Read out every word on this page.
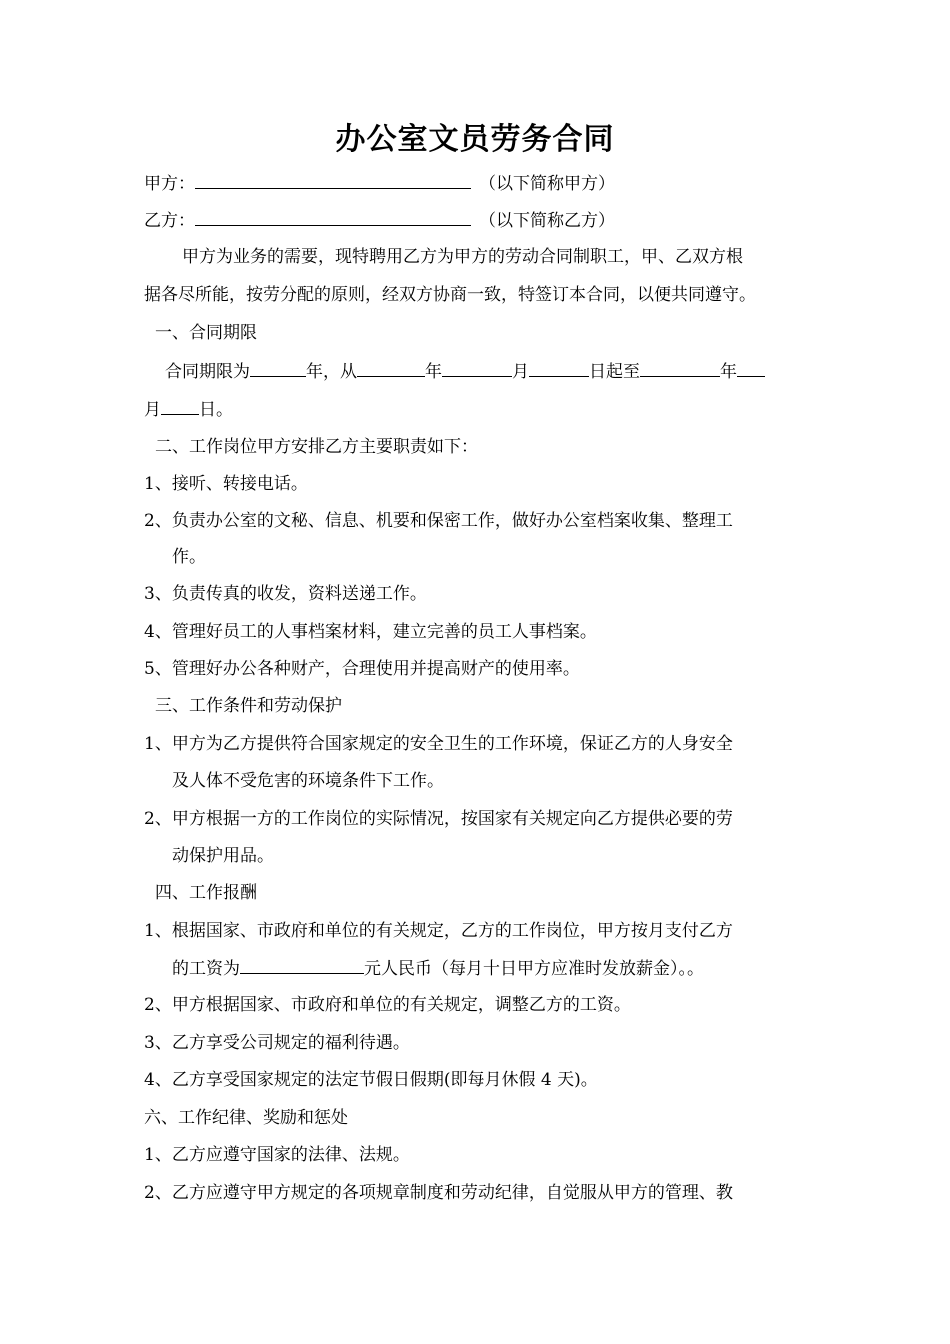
办公室文员劳务合同
甲方：	（以下简称甲方）
乙方：	（以下简称乙方）
甲方为业务的需要，现特聘用乙方为甲方的劳动合同制职工，甲、乙双方根
据各尽所能，按劳分配的原则，经双方协商一致，特签订本合同，以便共同遵守。
一、合同期限
合同期限为	年，从	年	月	日起至	年
月 日。
二、工作岗位甲方安排乙方主要职责如下：
1、接听、转接电话。
2、负责办公室的文秘、信息、机要和保密工作，做好办公室档案收集、整理工
作。
3、负责传真的收发，资料送递工作。
4、管理好员工的人事档案材料，建立完善的员工人事档案。
5、管理好办公各种财产，合理使用并提高财产的使用率。
三、工作条件和劳动保护
1、甲方为乙方提供符合国家规定的安全卫生的工作环境，保证乙方的人身安全
及人体不受危害的环境条件下工作。
2、甲方根据一方的工作岗位的实际情况，按国家有关规定向乙方提供必要的劳
动保护用品。
四、工作报酬
1、根据国家、市政府和单位的有关规定，乙方的工作岗位，甲方按月支付乙方
的工资为	元人民币（每月十日甲方应准时发放薪金）。。
2、甲方根据国家、市政府和单位的有关规定，调整乙方的工资。
3、乙方享受公司规定的福利待遇。
4、乙方享受国家规定的法定节假日假期(即每月休假 4 天)。
六、工作纪律、奖励和惩处
1、乙方应遵守国家的法律、法规。
2、乙方应遵守甲方规定的各项规章制度和劳动纪律，自觉服从甲方的管理、教
